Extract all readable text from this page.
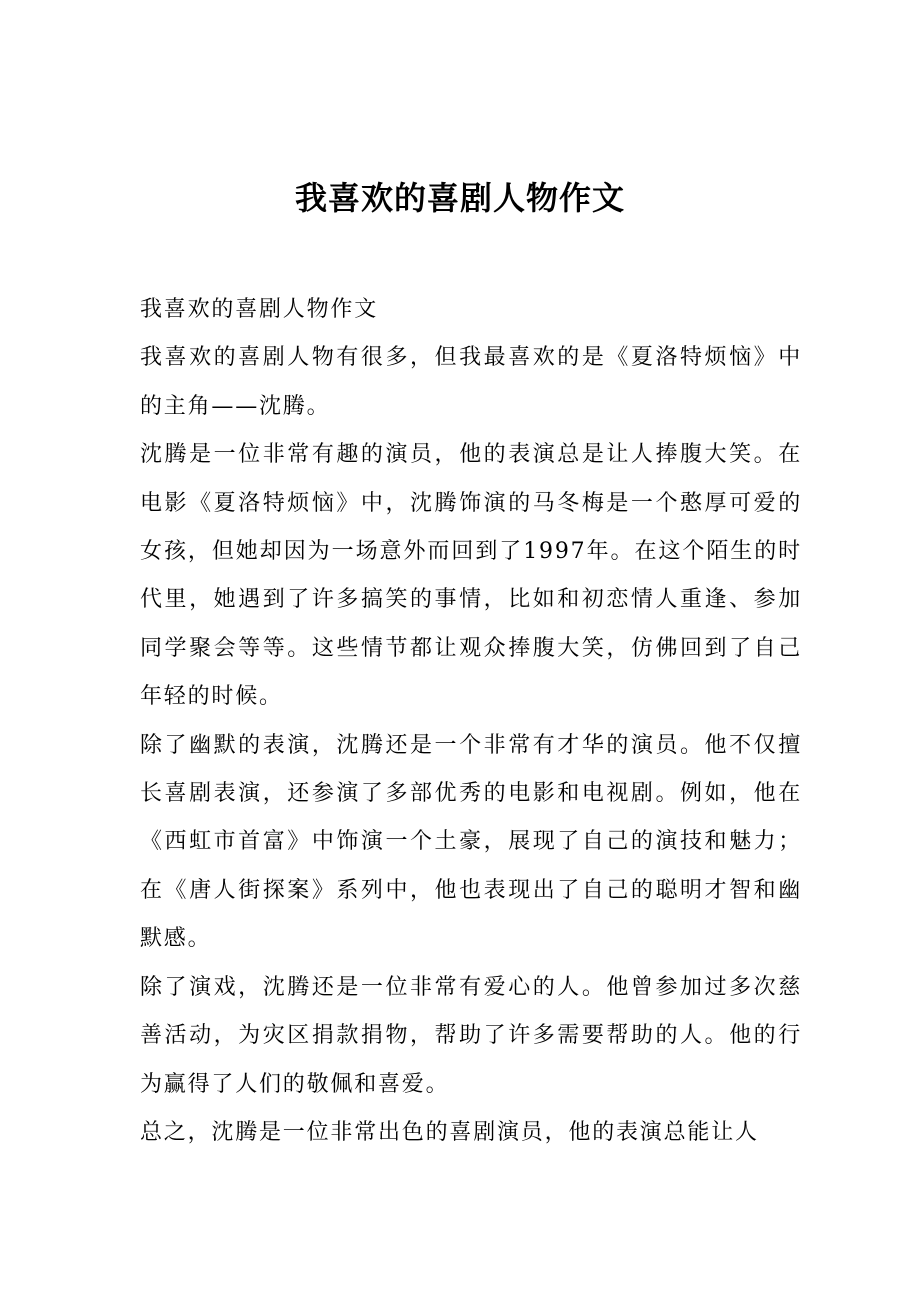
我喜欢的喜剧人物作文

我喜欢的喜剧人物作文

我喜欢的喜剧人物有很多，但我最喜欢的是《夏洛特烦恼》中的主角——沈腾。

沈腾是一位非常有趣的演员，他的表演总是让人捧腹大笑。在电影《夏洛特烦恼》中，沈腾饰演的马冬梅是一个憨厚可爱的女孩，但她却因为一场意外而回到了1997年。在这个陌生的时代里，她遇到了许多搞笑的事情，比如和初恋情人重逢、参加同学聚会等等。这些情节都让观众捧腹大笑，仿佛回到了自己年轻的时候。

除了幽默的表演，沈腾还是一个非常有才华的演员。他不仅擅长喜剧表演，还参演了多部优秀的电影和电视剧。例如，他在《西虹市首富》中饰演一个土豪，展现了自己的演技和魅力；在《唐人街探案》系列中，他也表现出了自己的聪明才智和幽默感。

除了演戏，沈腾还是一位非常有爱心的人。他曾参加过多次慈善活动，为灾区捐款捐物，帮助了许多需要帮助的人。他的行为赢得了人们的敬佩和喜爱。

总之，沈腾是一位非常出色的喜剧演员，他的表演总能让人
